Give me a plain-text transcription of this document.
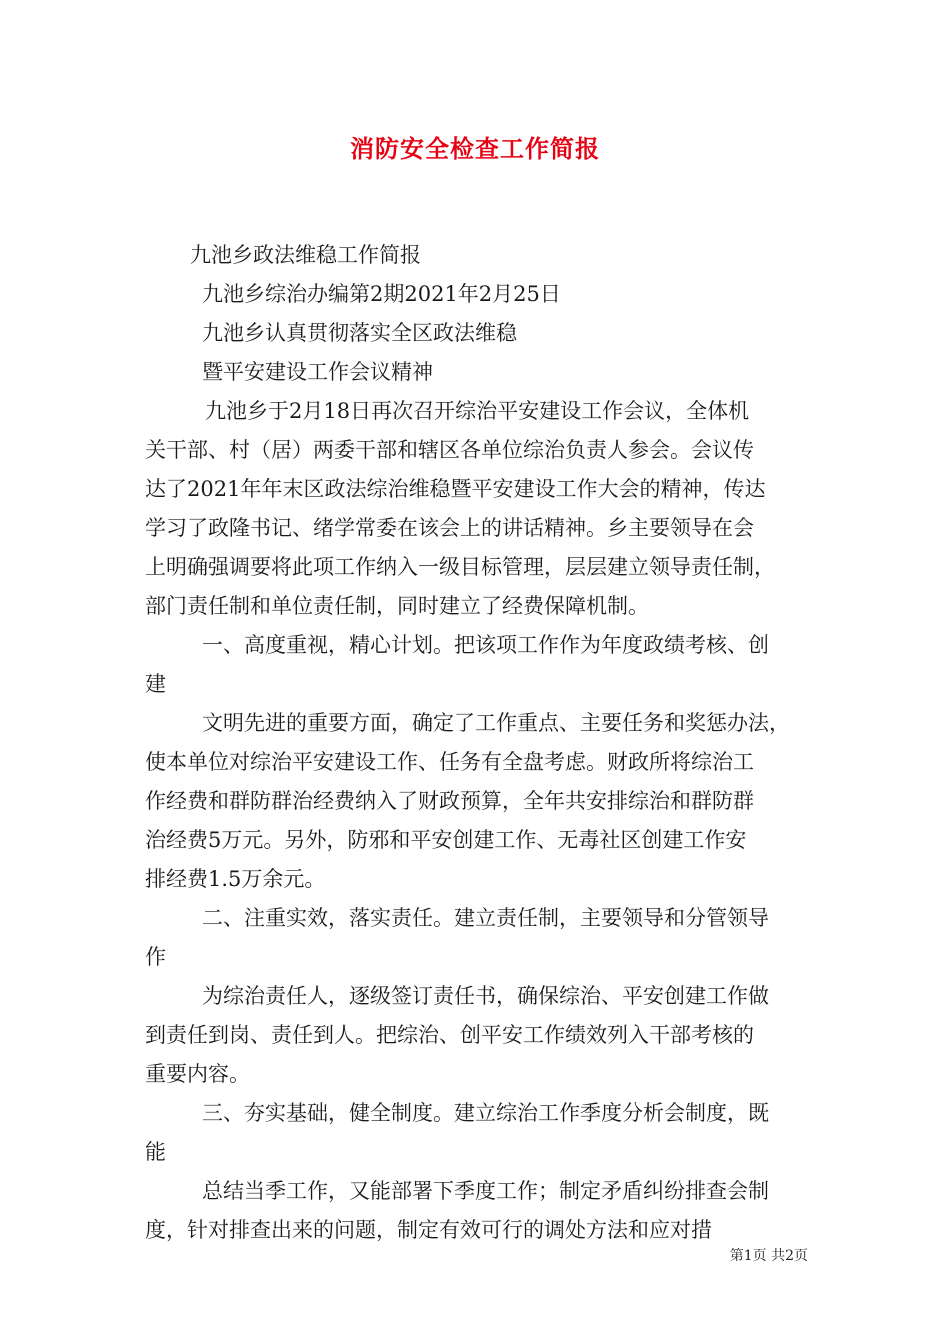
消防安全检查工作简报
九池乡政法维稳工作简报
九池乡综治办编第2期2021年2月25日
九池乡认真贯彻落实全区政法维稳
暨平安建设工作会议精神
九池乡于2月18日再次召开综治平安建设工作会议，全体机
关干部、村（居）两委干部和辖区各单位综治负责人参会。会议传
达了2021年年末区政法综治维稳暨平安建设工作大会的精神，传达
学习了政隆书记、绪学常委在该会上的讲话精神。乡主要领导在会
上明确强调要将此项工作纳入一级目标管理，层层建立领导责任制，
部门责任制和单位责任制，同时建立了经费保障机制。
一、高度重视，精心计划。把该项工作作为年度政绩考核、创
建
文明先进的重要方面，确定了工作重点、主要任务和奖惩办法，
使本单位对综治平安建设工作、任务有全盘考虑。财政所将综治工
作经费和群防群治经费纳入了财政预算，全年共安排综治和群防群
治经费5万元。另外，防邪和平安创建工作、无毒社区创建工作安
排经费1.5万余元。
二、注重实效，落实责任。建立责任制，主要领导和分管领导
作
为综治责任人，逐级签订责任书，确保综治、平安创建工作做
到责任到岗、责任到人。把综治、创平安工作绩效列入干部考核的
重要内容。
三、夯实基础，健全制度。建立综治工作季度分析会制度，既
能
总结当季工作，又能部署下季度工作；制定矛盾纠纷排查会制
度，针对排查出来的问题，制定有效可行的调处方法和应对措
第1页 共2页
